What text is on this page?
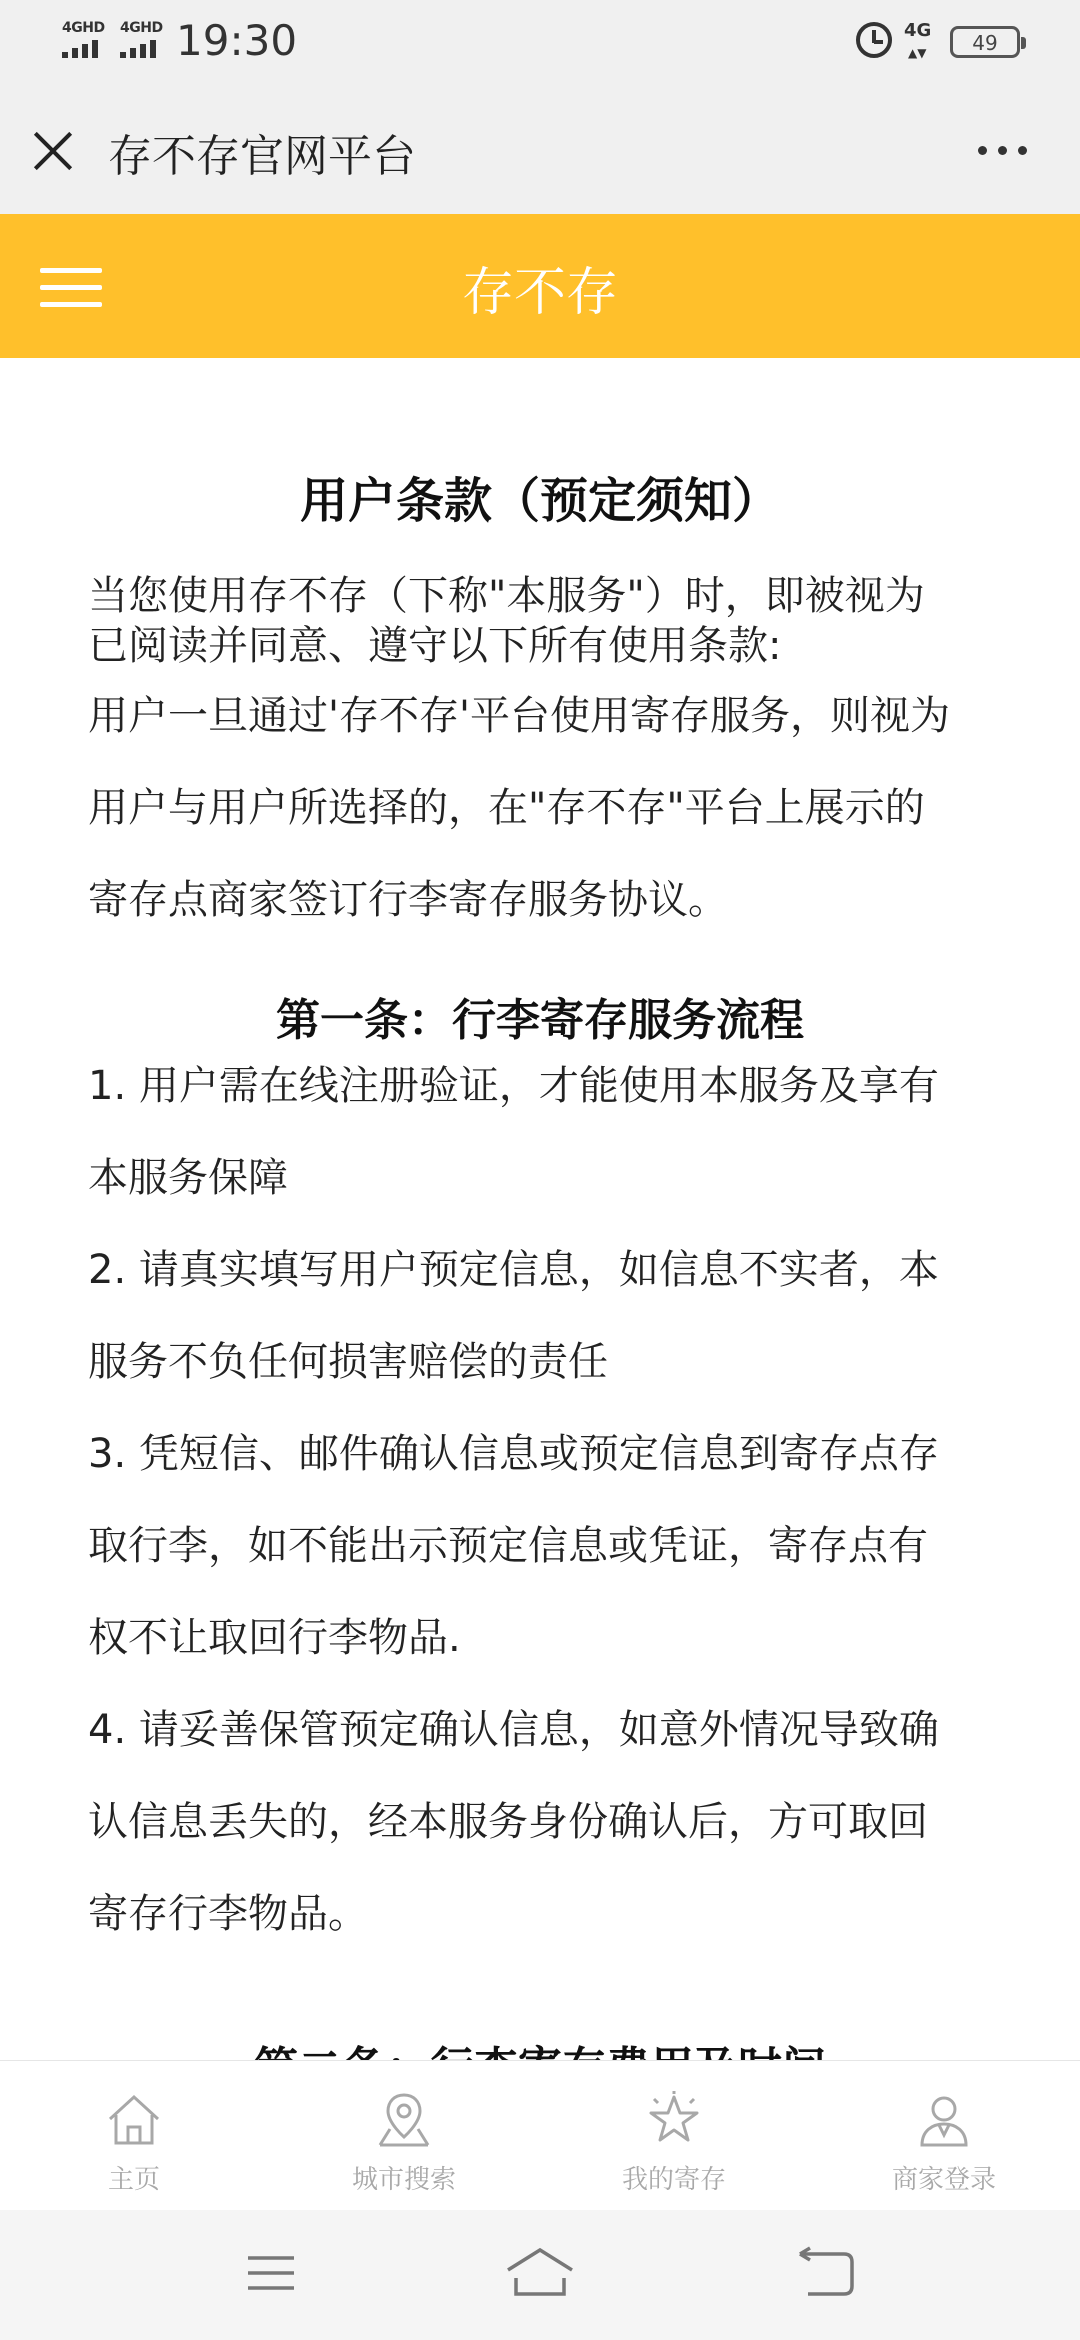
4GHD 4GHD 19:30	4G
▲▼	49
存不存官网平台
存不存
用户条款（预定须知）
当您使用存不存（下称"本服务"）时，即被视为
已阅读并同意、遵守以下所有使用条款:
用户一旦通过'存不存'平台使用寄存服务，则视为
用户与用户所选择的，在"存不存"平台上展示的
寄存点商家签订行李寄存服务协议。
第一条：行李寄存服务流程
1. 用户需在线注册验证，才能使用本服务及享有
本服务保障
2. 请真实填写用户预定信息，如信息不实者，本
服务不负任何损害赔偿的责任
3. 凭短信、邮件确认信息或预定信息到寄存点存
取行李，如不能出示预定信息或凭证，寄存点有
权不让取回行李物品.
4. 请妥善保管预定确认信息，如意外情况导致确
认信息丢失的，经本服务身份确认后，方可取回
寄存行李物品。
主页	城市搜索	我的寄存	商家登录
